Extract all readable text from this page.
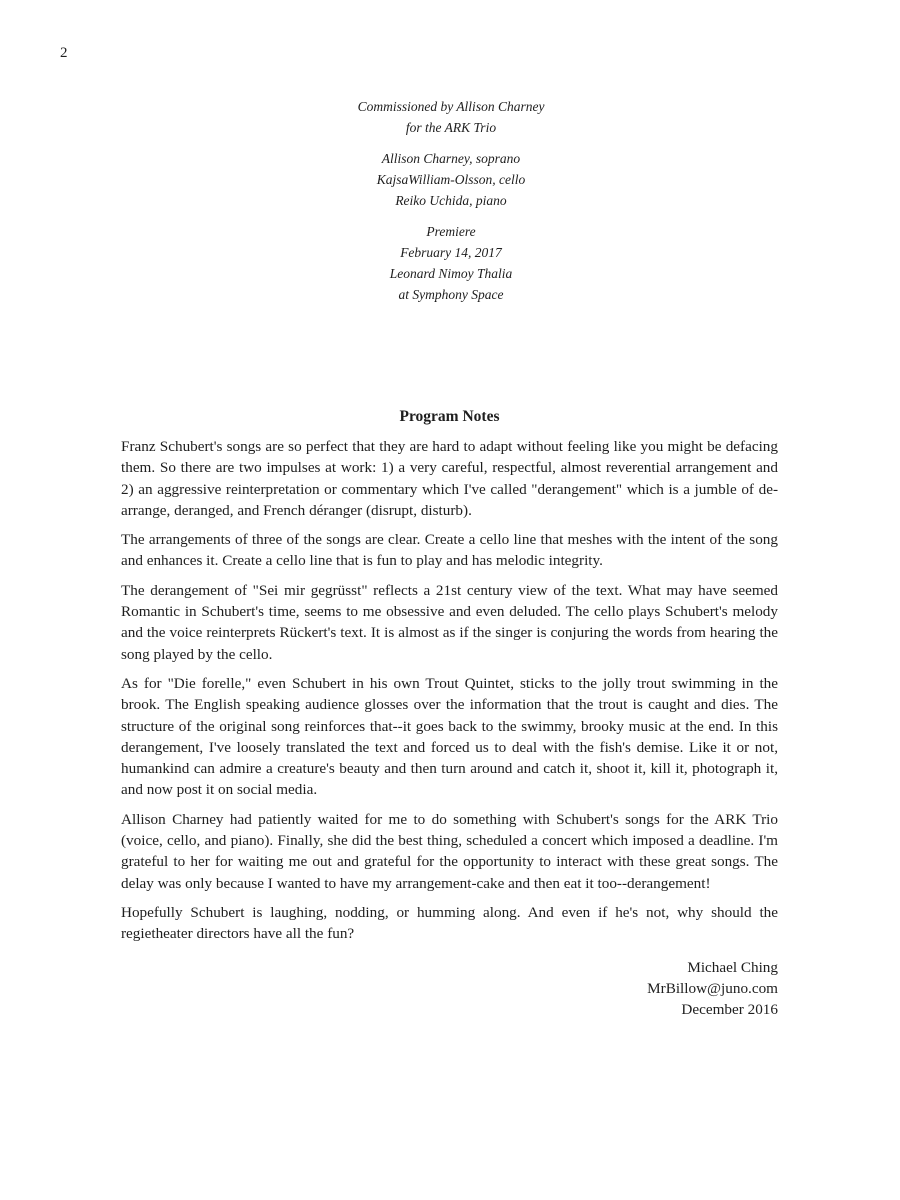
2
Commissioned by Allison Charney
for the ARK Trio
Allison Charney, soprano
KajsaWilliam-Olsson, cello
Reiko Uchida, piano
Premiere
February 14, 2017
Leonard Nimoy Thalia
at Symphony Space
Program Notes

Franz Schubert's songs are so perfect that they are hard to adapt without feeling like you might be defacing them. So there are two impulses at work: 1) a very careful, respectful, almost reverential arrangement and 2) an aggressive reinterpretation or commentary which I've called "derangement" which is a jumble of de-arrange, deranged, and French déranger (disrupt, disturb).

The arrangements of three of the songs are clear. Create a cello line that meshes with the intent of the song and enhances it. Create a cello line that is fun to play and has melodic integrity.

The derangement of "Sei mir gegrüsst" reflects a 21st century view of the text. What may have seemed Romantic in Schubert's time, seems to me obsessive and even deluded. The cello plays Schubert's melody and the voice reinterprets Rückert's text. It is almost as if the singer is conjuring the words from hearing the song played by the cello.

As for "Die forelle," even Schubert in his own Trout Quintet, sticks to the jolly trout swimming in the brook. The English speaking audience glosses over the information that the trout is caught and dies. The structure of the original song reinforces that--it goes back to the swimmy, brooky music at the end. In this derangement, I've loosely translated the text and forced us to deal with the fish's demise. Like it or not, humankind can admire a creature's beauty and then turn around and catch it, shoot it, kill it, photograph it, and now post it on social media.

Allison Charney had patiently waited for me to do something with Schubert's songs for the ARK Trio (voice, cello, and piano). Finally, she did the best thing, scheduled a concert which imposed a deadline. I'm grateful to her for waiting me out and grateful for the opportunity to interact with these great songs. The delay was only because I wanted to have my arrangement-cake and then eat it too--derangement!

Hopefully Schubert is laughing, nodding, or humming along. And even if he's not, why should the regietheater directors have all the fun?

Michael Ching
MrBillow@juno.com
December 2016
